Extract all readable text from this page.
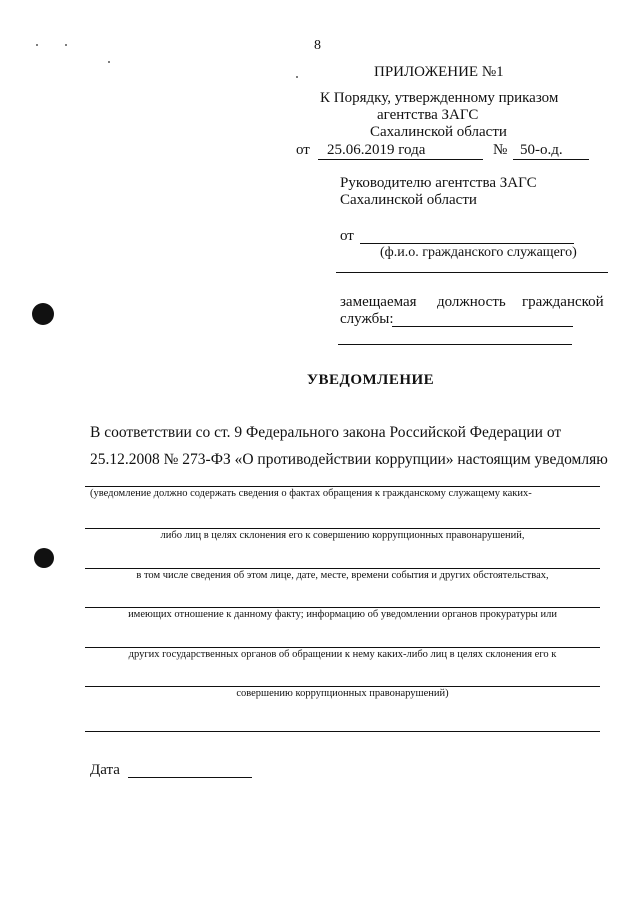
8
ПРИЛОЖЕНИЕ №1
К Порядку, утвержденному приказом
агентства ЗАГС
Сахалинской области
от 25.06.2019 года	№ 50-о.д.
Руководителю агентства ЗАГС
Сахалинской области
от
(ф.и.о. гражданского служащего)
замещаемая должность гражданской
службы:
УВЕДОМЛЕНИЕ
В соответствии со ст. 9 Федерального закона Российской Федерации от
25.12.2008 № 273-ФЗ «О противодействии коррупции» настоящим уведомляю
(уведомление должно содержать сведения о фактах обращения к гражданскому служащему каких-
либо лиц в целях склонения его к совершению коррупционных правонарушений,
в том числе сведения об этом лице, дате, месте, времени события и других обстоятельствах,
имеющих отношение к данному факту; информацию об уведомлении органов прокуратуры или
других государственных органов об обращении к нему каких-либо лиц в целях склонения его к
совершению коррупционных правонарушений)
Дата
